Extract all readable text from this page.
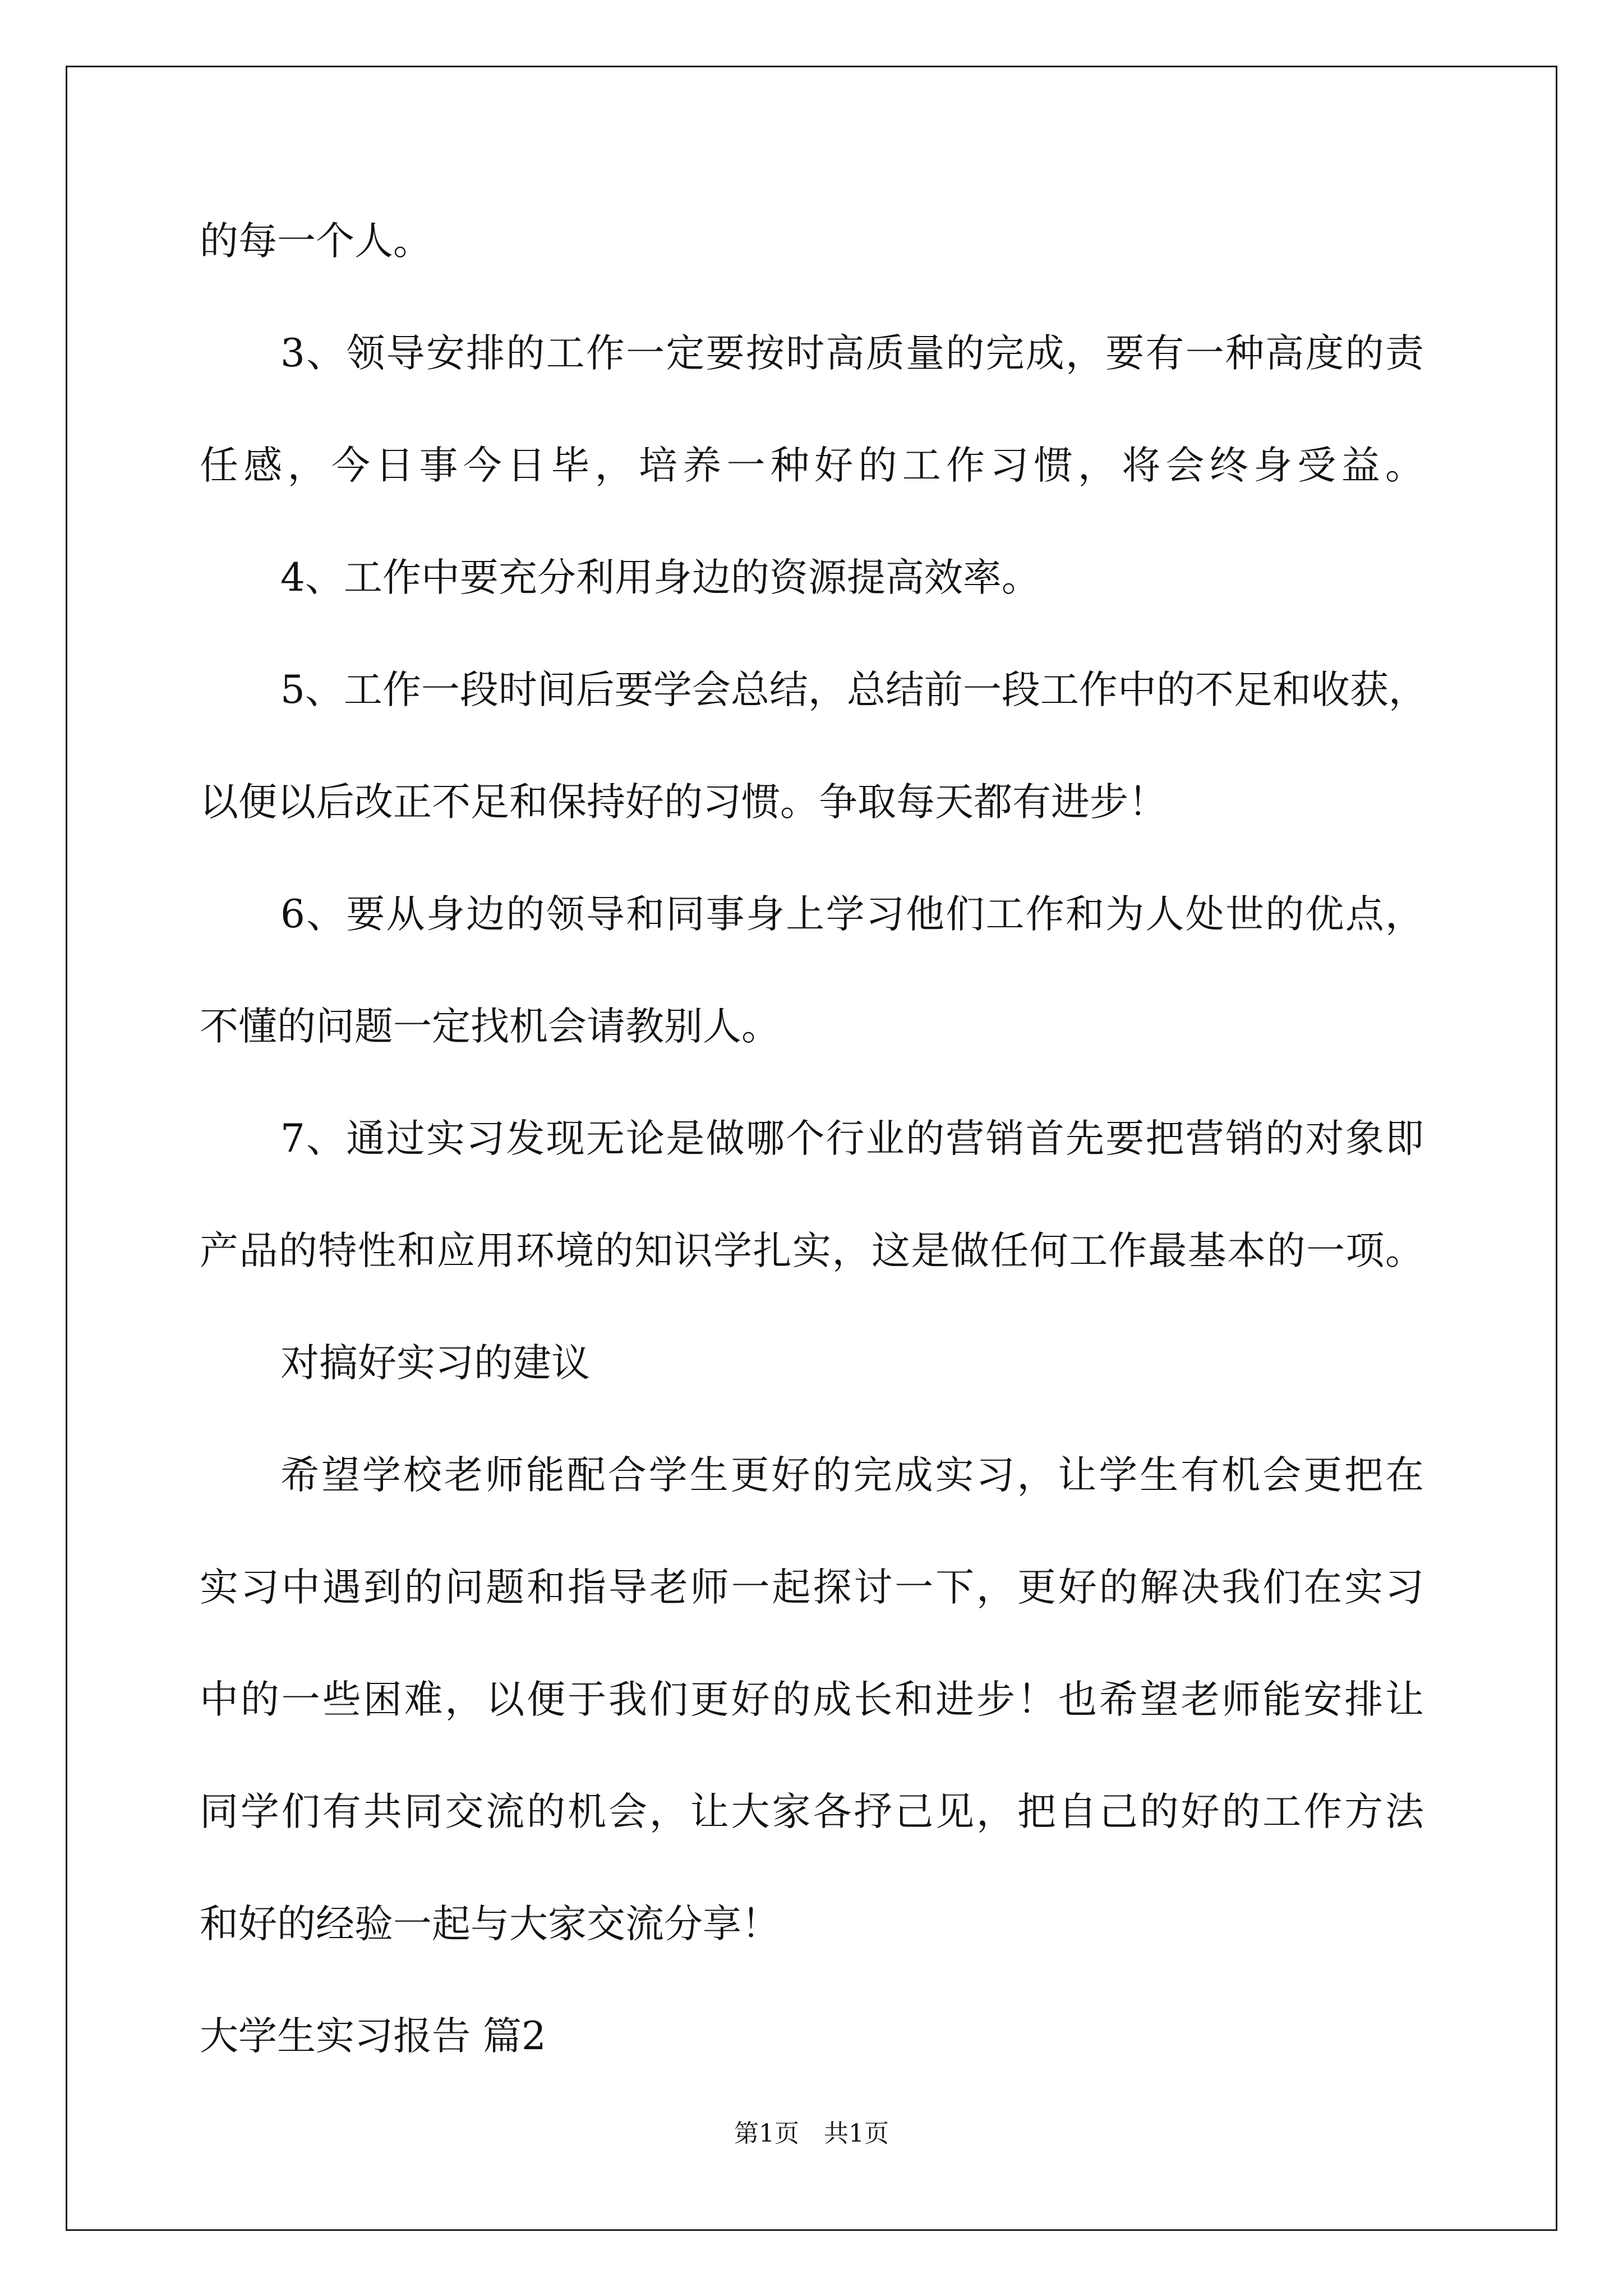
的每一个人。
3、领导安排的工作一定要按时高质量的完成，要有一种高度的责
任感，今日事今日毕，培养一种好的工作习惯，将会终身受益。
4、工作中要充分利用身边的资源提高效率。
5、工作一段时间后要学会总结，总结前一段工作中的不足和收获，
以便以后改正不足和保持好的习惯。争取每天都有进步！
6、要从身边的领导和同事身上学习他们工作和为人处世的优点，
不懂的问题一定找机会请教别人。
7、通过实习发现无论是做哪个行业的营销首先要把营销的对象即
产品的特性和应用环境的知识学扎实，这是做任何工作最基本的一项。
对搞好实习的建议
希望学校老师能配合学生更好的完成实习，让学生有机会更把在
实习中遇到的问题和指导老师一起探讨一下，更好的解决我们在实习
中的一些困难，以便于我们更好的成长和进步！也希望老师能安排让
同学们有共同交流的机会，让大家各抒己见，把自己的好的工作方法
和好的经验一起与大家交流分享！
大学生实习报告 篇2
第1页　共1页
